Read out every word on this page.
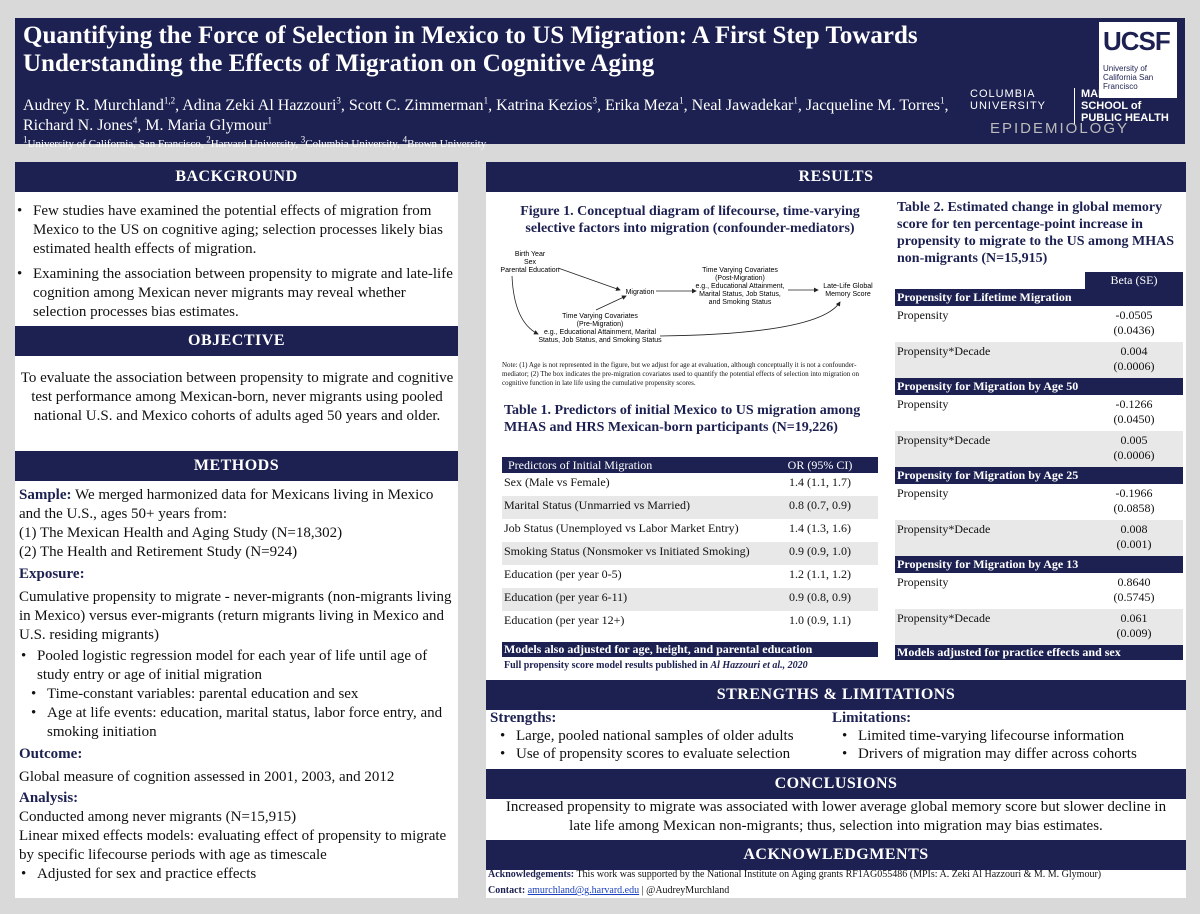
Quantifying the Force of Selection in Mexico to US Migration: A First Step Towards Understanding the Effects of Migration on Cognitive Aging
Audrey R. Murchland$^{1,2}$, Adina Zeki Al Hazzouri$^3$, Scott C. Zimmerman$^1$, Katrina Kezios$^3$, Erika Meza$^1$, Neal Jawadekar$^1$, Jacqueline M. Torres$^1$, Richard N. Jones$^4$, M. Maria Glymour$^1$
$^1$University of California, San Francisco, $^2$Harvard University, $^3$Columbia University, $^4$Brown University
UCSF
University of California San Francisco
COLUMBIA UNIVERSITY
MAILMAN SCHOOL of PUBLIC HEALTH
EPIDEMIOLOGY
BACKGROUND
• Few studies have examined the potential effects of migration from Mexico to the US on cognitive aging; selection processes likely bias estimated health effects of migration.
• Examining the association between propensity to migrate and late-life cognition among Mexican never migrants may reveal whether selection processes bias estimates.
OBJECTIVE
To evaluate the association between propensity to migrate and cognitive test performance among Mexican-born, never migrants using pooled national U.S. and Mexico cohorts of adults aged 50 years and older.
METHODS
Sample: We merged harmonized data for Mexicans living in Mexico and the U.S., ages 50+ years from:
(1) The Mexican Health and Aging Study (N=18,302)
(2) The Health and Retirement Study (N=924)
Exposure:
Cumulative propensity to migrate - never-migrants (non-migrants living in Mexico) versus ever-migrants (return migrants living in Mexico and U.S. residing migrants)
• Pooled logistic regression model for each year of life until age of study entry or age of initial migration
• Time-constant variables: parental education and sex
• Age at life events: education, marital status, labor force entry, and smoking initiation
Outcome:
Global measure of cognition assessed in 2001, 2003, and 2012
Analysis:
Conducted among never migrants (N=15,915)
Linear mixed effects models: evaluating effect of propensity to migrate by specific lifecourse periods with age as timescale
• Adjusted for sex and practice effects
RESULTS
Figure 1. Conceptual diagram of lifecourse, time-varying selective factors into migration (confounder-mediators)
Birth Year
Sex
Parental Education
Migration
Time Varying Covariates
(Post-Migration)
e.g., Educational Attainment,
Marital Status, Job Status,
and Smoking Status
Late-Life Global
Memory Score
Time Varying Covariates
(Pre-Migration)
e.g., Educational Attainment, Marital
Status, Job Status, and Smoking Status
Note: (1) Age is not represented in the figure, but we adjust for age at evaluation, although conceptually it is not a confounder-mediator; (2) The box indicates the pre-migration covariates used to quantify the potential effects of selection into migration on cognitive function in late life using the cumulative propensity scores.
Table 1. Predictors of initial Mexico to US migration among MHAS and HRS Mexican-born participants (N=19,226)
Predictors of Initial Migration	OR (95% CI)
Sex (Male vs Female)	1.4 (1.1, 1.7)
Marital Status (Unmarried vs Married)	0.8 (0.7, 0.9)
Job Status (Unemployed vs Labor Market Entry)	1.4 (1.3, 1.6)
Smoking Status (Nonsmoker vs Initiated Smoking)	0.9 (0.9, 1.0)
Education (per year 0-5)	1.2 (1.1, 1.2)
Education (per year 6-11)	0.9 (0.8, 0.9)
Education (per year 12+)	1.0 (0.9, 1.1)
Models also adjusted for age, height, and parental education
Full propensity score model results published in Al Hazzouri et al., 2020
Table 2. Estimated change in global memory score for ten percentage-point increase in propensity to migrate to the US among MHAS non-migrants (N=15,915)
Beta (SE)
Propensity for Lifetime Migration
Propensity	-0.0505
(0.0436)
Propensity*Decade	0.004
(0.0006)
Propensity for Migration by Age 50
Propensity	-0.1266
(0.0450)
Propensity*Decade	0.005
(0.0006)
Propensity for Migration by Age 25
Propensity	-0.1966
(0.0858)
Propensity*Decade	0.008
(0.001)
Propensity for Migration by Age 13
Propensity	0.8640
(0.5745)
Propensity*Decade	0.061
(0.009)
Models adjusted for practice effects and sex
STRENGTHS & LIMITATIONS
Strengths:
• Large, pooled national samples of older adults
• Use of propensity scores to evaluate selection
Limitations:
• Limited time-varying lifecourse information
• Drivers of migration may differ across cohorts
CONCLUSIONS
Increased propensity to migrate was associated with lower average global memory score but slower decline in late life among Mexican non-migrants; thus, selection into migration may bias estimates.
ACKNOWLEDGMENTS
Acknowledgements: This work was supported by the National Institute on Aging grants RF1AG055486 (MPIs: A. Zeki Al Hazzouri & M. M. Glymour)
Contact: amurchland@g.harvard.edu | @AudreyMurchland
